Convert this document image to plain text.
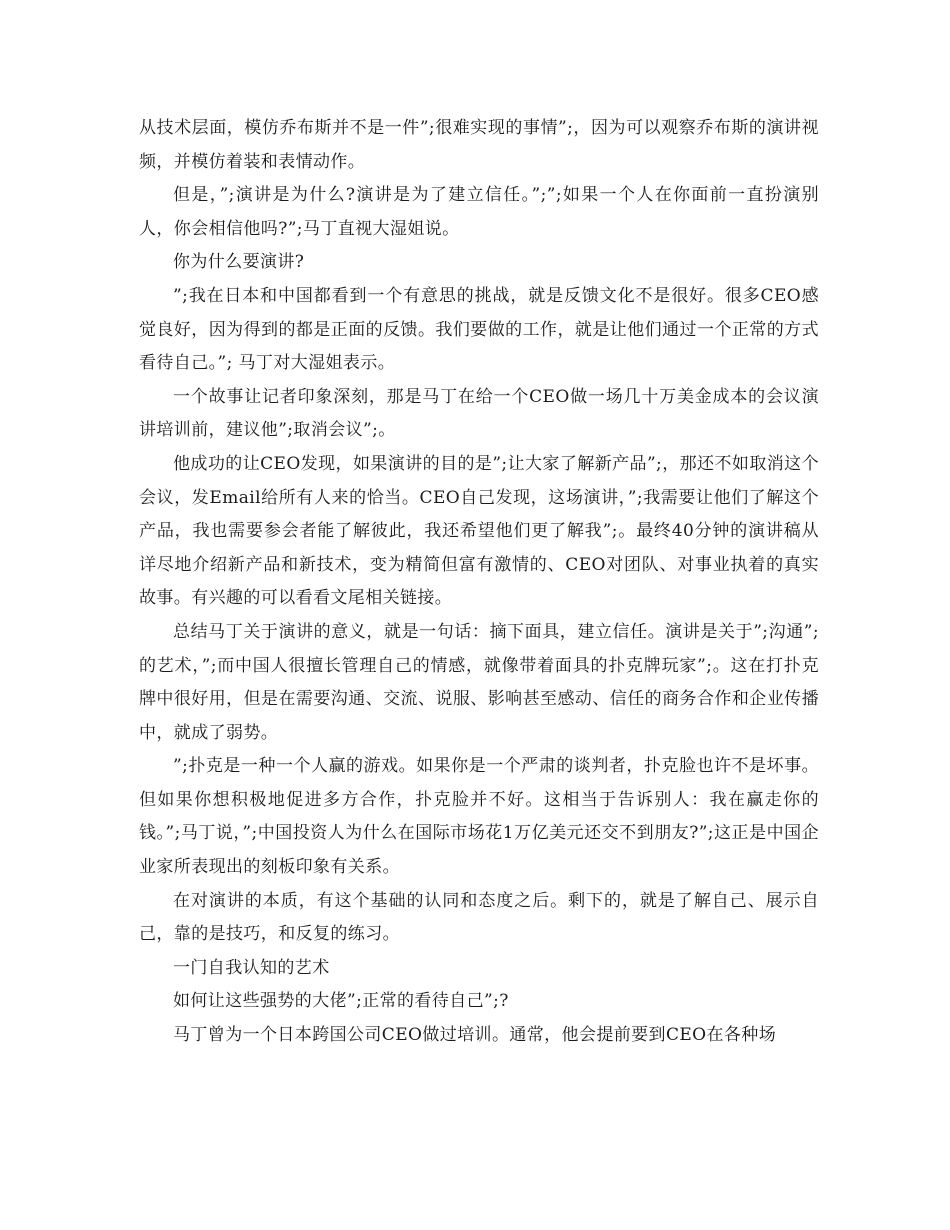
从技术层面，模仿乔布斯并不是一件”;很难实现的事情”;，因为可以观察乔布斯的演讲视频，并模仿着装和表情动作。

但是，”;演讲是为什么?演讲是为了建立信任。”;”;如果一个人在你面前一直扮演别人，你会相信他吗?”;马丁直视大湿姐说。

你为什么要演讲?

”;我在日本和中国都看到一个有意思的挑战，就是反馈文化不是很好。很多CEO感觉良好，因为得到的都是正面的反馈。我们要做的工作，就是让他们通过一个正常的方式看待自己。”; 马丁对大湿姐表示。

一个故事让记者印象深刻，那是马丁在给一个CEO做一场几十万美金成本的会议演讲培训前，建议他”;取消会议”;。

他成功的让CEO发现，如果演讲的目的是”;让大家了解新产品”;，那还不如取消这个会议，发Email给所有人来的恰当。CEO自己发现，这场演讲，”;我需要让他们了解这个产品，我也需要参会者能了解彼此，我还希望他们更了解我”;。最终40分钟的演讲稿从详尽地介绍新产品和新技术，变为精简但富有激情的、CEO对团队、对事业执着的真实故事。有兴趣的可以看看文尾相关链接。

总结马丁关于演讲的意义，就是一句话：摘下面具，建立信任。演讲是关于”;沟通”;的艺术，”;而中国人很擅长管理自己的情感，就像带着面具的扑克牌玩家”;。这在打扑克牌中很好用，但是在需要沟通、交流、说服、影响甚至感动、信任的商务合作和企业传播中，就成了弱势。

”;扑克是一种一个人赢的游戏。如果你是一个严肃的谈判者，扑克脸也许不是坏事。但如果你想积极地促进多方合作，扑克脸并不好。这相当于告诉别人：我在赢走你的钱。”;马丁说，”;中国投资人为什么在国际市场花1万亿美元还交不到朋友?”;这正是中国企业家所表现出的刻板印象有关系。

在对演讲的本质，有这个基础的认同和态度之后。剩下的，就是了解自己、展示自己，靠的是技巧，和反复的练习。

一门自我认知的艺术

如何让这些强势的大佬”;正常的看待自己”;?

马丁曾为一个日本跨国公司CEO做过培训。通常，他会提前要到CEO在各种场
